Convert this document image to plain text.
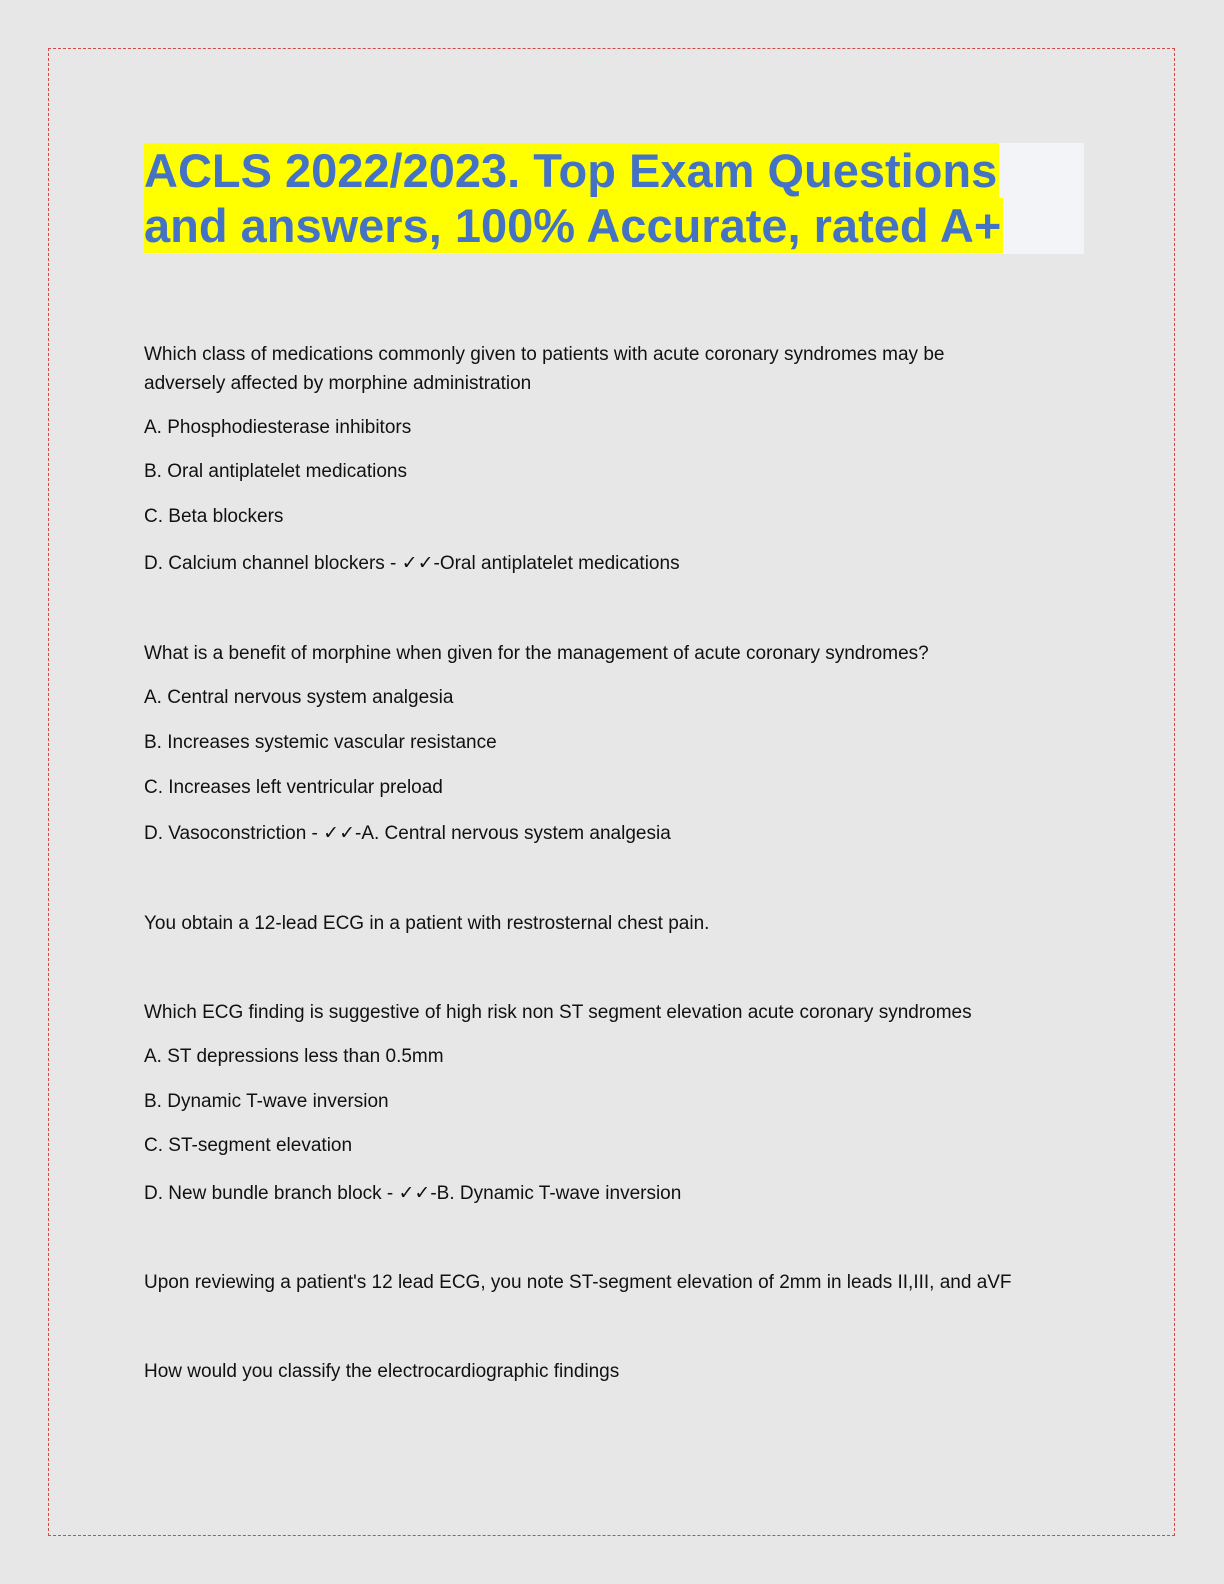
ACLS 2022/2023. Top Exam Questions
and answers, 100% Accurate, rated A+
Which class of medications commonly given to patients with acute coronary syndromes may be adversely affected by morphine administration
A. Phosphodiesterase inhibitors
B. Oral antiplatelet medications
C. Beta blockers
D. Calcium channel blockers - ✓✓-Oral antiplatelet medications
What is a benefit of morphine when given for the management of acute coronary syndromes?
A. Central nervous system analgesia
B. Increases systemic vascular resistance
C. Increases left ventricular preload
D. Vasoconstriction - ✓✓-A. Central nervous system analgesia
You obtain a 12-lead ECG in a patient with restrosternal chest pain.
Which ECG finding is suggestive of high risk non ST segment elevation acute coronary syndromes
A. ST depressions less than 0.5mm
B. Dynamic T-wave inversion
C. ST-segment elevation
D. New bundle branch block - ✓✓-B. Dynamic T-wave inversion
Upon reviewing a patient's 12 lead ECG, you note ST-segment elevation of 2mm in leads II,III, and aVF
How would you classify the electrocardiographic findings
